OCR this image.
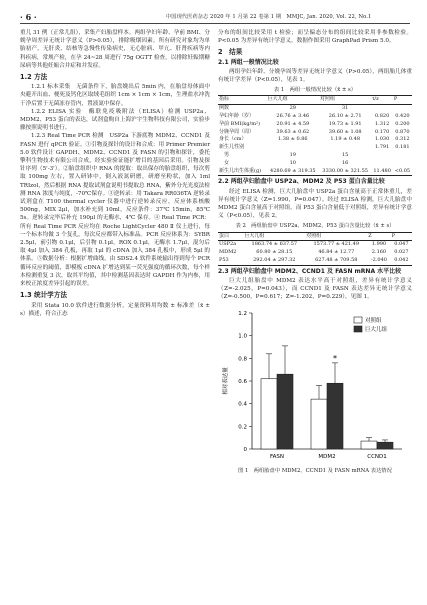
· 6 ·	中国现代医药杂志 2020 年 1 月第 22 卷第 1 期　MMJC, Jan. 2020, Vol. 22, No.1

重儿 31 例（正常儿组），采集产妇胎盘样本。两组孕妇年龄、孕前 BMI、分娩孕周差异无统计学意义（P>0.05），排除吸烟因素。所有研究对象均为单胎初产，无肝炎、结核等急慢性传染病史，无心脏病、甲亢、肝肾疾病等内科疾病，常规产检，在孕 24~28 周进行 75g OGTT 检查，以排除妊娠期糖尿病等其他妊娠合并症和并发症。

1.2 方法

1.2.1 标本采集　无菌条件下，胎盘娩出后 5min 内，在胎盘母体面中央避开出血、梗死及钙化区取绒毛组织 1cm × 1cm × 1cm，生理盐水冲洗干净后置于无菌冻存管内，置液氮中保存。

1.2.2 ELISA 实验　酶联免疫吸附法（ELISA）检测 USP2a、MDM2、P53 蛋白的表达，试剂盒购自上海沪宇生物科技有限公司，实验步骤按照说明书进行。

1.2.3 Real Time PCR 检测　USP2a 下游底物 MDM2、CCND1 及 FASN 进行 qPCR 验证。①引物及探针的设计和合成：用 Primer Premier 5.0 软件设计 GAPDH、MDM2、CCND1 及 FASN 的引物和探针，委托擎科生物技术有限公司合成，经实验验证能扩增目的基因后采用。引物及探针序列（5'-3'）。②胎盘组织中 RNA 的提取：取出保存的胎盘组织，每次剪取 100mg 左右，置入研钵中，倒入液氮研磨，研磨至粉状，加入 1ml TRIzol，然后根据 RNA 提取试剂盒说明书提取总 RNA，紫外分光光度法检测 RNA 浓度与纯度，-70℃保存。③逆转录：用 Takara RR036TA 逆转录试剂盒在 T100 thermal cycler 仪器中进行逆转录反应，反应体系核酸 500ng，MIX 2μl，加水补充到 10ml，反应条件：37℃ 15min，85℃ 5s。逆转录完毕后补充 190μl 的无酶水，4℃ 保存。④ Real Time PCR：所有 Real Time PCR 反应均在 Roche LightCycler 480 Ⅱ 仪上进行，每一个标本均做 3 个复孔，每次反应都带入标准品。PCR 反应体系为：SYBR 2.5μl，前引物 0.1μl，后引物 0.1μl，ROX 0.1μl，无酶水 1.7μl，混匀后取 4μl 加入 384 孔板，再取 1μl 的 cDNA 加入 384 孔板中，形成 5μl 的体系。⑤数据分析：根据扩增曲线，由 SDS2.4 软件系统输出得到每个 PCR 循环反应的阈值，即模板 cDNA 扩增达到某一荧光强度的循环次数，每个样本检测重复 3 次，取其平均值，其中检测基因表达时 GAPDH 作为内参，用来校正浓度差异引起的误差。

1.3 统计学方法

采用 Stata 10.0 软件进行数据分析，定量资料用均数 ± 标准差（x̄ ± s）描述，符合正态

分布的组间比较采用 t 检验；而呈偏态分布的组间比较采用非参数检验。P<0.05 为差异有统计学意义。数据作图采用 GraphPad Prism 5.0。

2　结果
2.1 两组一般情况比较

两组孕妇年龄、分娩孕周等差异无统计学意义（P>0.05），两组胎儿体重有统计学差异（P<0.05），见表 1。

表 1　两组一般情况比较（x̄ ± s）
指标	巨大儿组	对照组	t/z	P
例数	29	31		
孕妇年龄（岁）	26.76 ± 3.46	26.10 ± 2.71	0.820	0.420
孕前 BMI(kg/m²)	20.91 ± 4.59	19.73 ± 1.91	1.312	0.200
分娩孕周（周）	39.63 ± 0.62	39.60 ± 1.08	0.170	0.870
身长（cm）	1.38 ± 0.86	1.19 ± 0.48	1.030	0.312
新生儿性别			1.791	0.181
　男	19	15		
　女	10	16		
新生儿出生体重(g)	4280.69 ± 319.35	3330.00 ± 321.55	11.480	<0.05
2.2 两组孕妇胎盘中 USP2a、MDM2 及 P53 蛋白含量比较

经过 ELISA 检测，巨大儿胎盘中 USP2a 蛋白含量高于正常体重儿，差异有统计学意义（Z=1.990，P=0.047）。经过 ELISA 检测，巨大儿胎盘中 MDM2 蛋白含量高于对照组，而 P53 蛋白含量低于对照组，差异有统计学意义（P<0.05），见表 2。

表 2　两组胎盘中 USP2a、MDM2、P53 蛋白含量比较（x̄ ± s）
蛋白	巨大儿组	对照组	Z	P
USP2a	1863.74 ± 637.57	1573.77 ± 421.49	1.990	0.047
MDM2	60.80 ± 28.15	46.84 ± 12.77	2.160	0.027
P53	292.04 ± 297.32	627.48 ± 709.58	-2.040	0.042
2.3 两组孕妇胎盘中 MDM2、CCND1 及 FASN mRNA 水平比较

巨大儿组胎盘中 MDM2 表达水平高于对照组，差异有统计学意义（Z=-2.025，P=0.043），而 CCND1 及 FASN 表达差异无统计学意义（Z=-0.500，P=0.617；Z=-1.202，P=0.229），见图 1。

0
0.2
0.4
0.6
0.8
1.0
1.2
相对表达量
FASN	MDM2	CCND1
*
对照组
巨大儿组
图 1　两组胎盘中 MDM2、CCND1 及 FASN mRNA 表达情况
